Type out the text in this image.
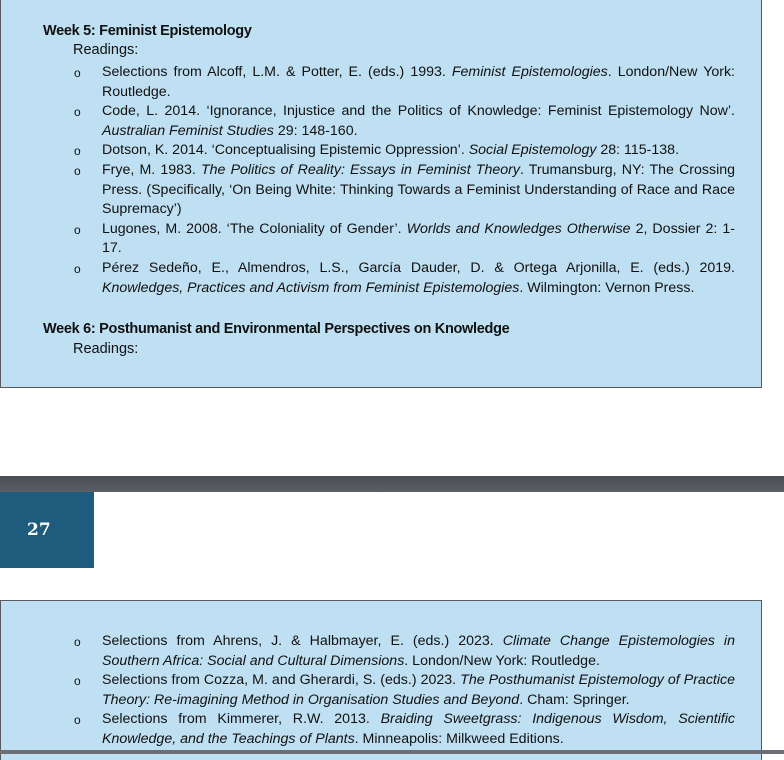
Week 5: Feminist Epistemology
Readings:
o Selections from Alcoff, L.M. & Potter, E. (eds.) 1993. Feminist Epistemologies. London/New York: Routledge.
o Code, L. 2014. ‘Ignorance, Injustice and the Politics of Knowledge: Feminist Epistemology Now’. Australian Feminist Studies 29: 148-160.
o Dotson, K. 2014. ‘Conceptualising Epistemic Oppression’. Social Epistemology 28: 115-138.
o Frye, M. 1983. The Politics of Reality: Essays in Feminist Theory. Trumansburg, NY: The Crossing Press. (Specifically, ‘On Being White: Thinking Towards a Feminist Understanding of Race and Race Supremacy’)
o Lugones, M. 2008. ‘The Coloniality of Gender’. Worlds and Knowledges Otherwise 2, Dossier 2: 1-17.
o Pérez Sedeño, E., Almendros, L.S., García Dauder, D. & Ortega Arjonilla, E. (eds.) 2019. Knowledges, Practices and Activism from Feminist Epistemologies. Wilmington: Vernon Press.
Week 6: Posthumanist and Environmental Perspectives on Knowledge
Readings:
27
o Selections from Ahrens, J. & Halbmayer, E. (eds.) 2023. Climate Change Epistemologies in Southern Africa: Social and Cultural Dimensions. London/New York: Routledge.
o Selections from Cozza, M. and Gherardi, S. (eds.) 2023. The Posthumanist Epistemology of Practice Theory: Re-imagining Method in Organisation Studies and Beyond. Cham: Springer.
o Selections from Kimmerer, R.W. 2013. Braiding Sweetgrass: Indigenous Wisdom, Scientific Knowledge, and the Teachings of Plants. Minneapolis: Milkweed Editions.
